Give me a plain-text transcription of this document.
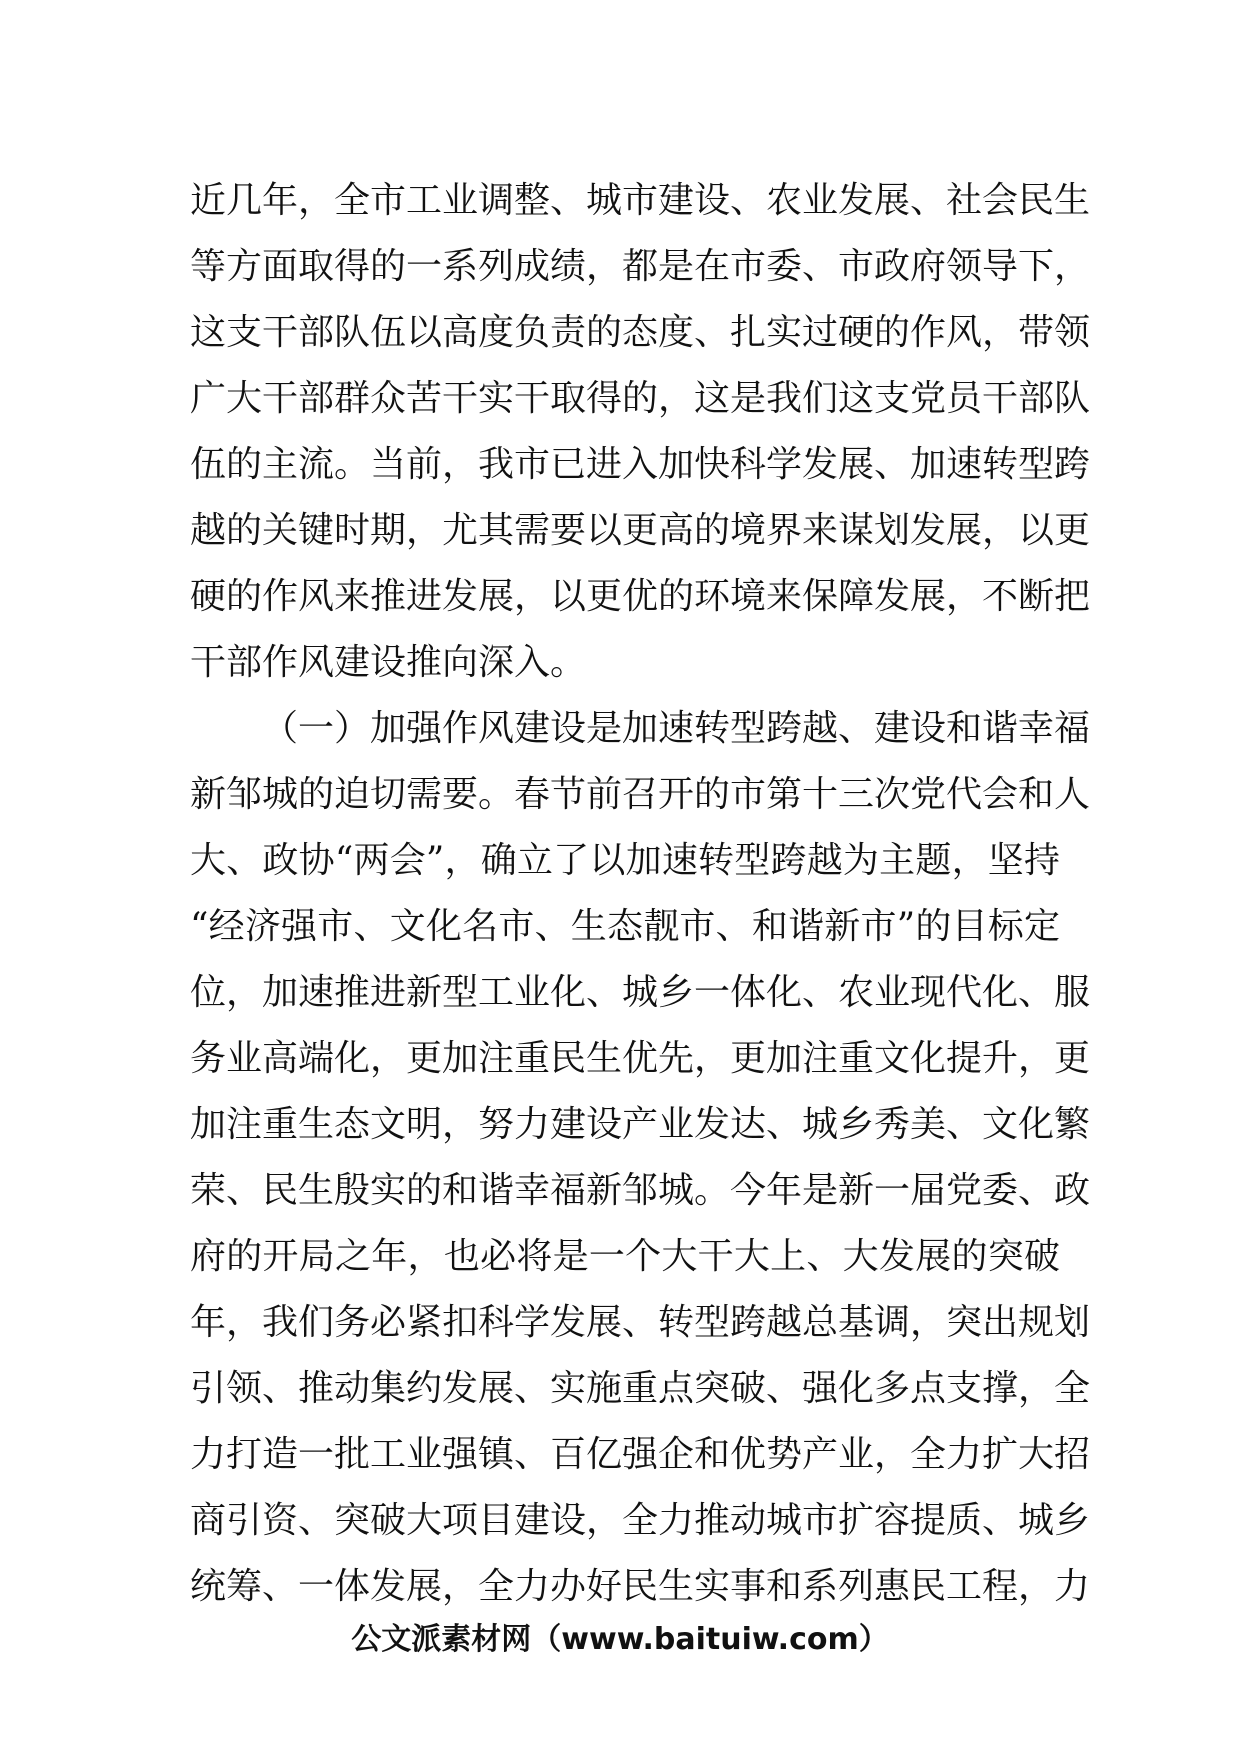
近几年，全市工业调整、城市建设、农业发展、社会民生
等方面取得的一系列成绩，都是在市委、市政府领导下，
这支干部队伍以高度负责的态度、扎实过硬的作风，带领
广大干部群众苦干实干取得的，这是我们这支党员干部队
伍的主流。当前，我市已进入加快科学发展、加速转型跨
越的关键时期，尤其需要以更高的境界来谋划发展，以更
硬的作风来推进发展，以更优的环境来保障发展，不断把
干部作风建设推向深入。
（一）加强作风建设是加速转型跨越、建设和谐幸福
新邹城的迫切需要。春节前召开的市第十三次党代会和人
大、政协“两会”，确立了以加速转型跨越为主题，坚持
“经济强市、文化名市、生态靓市、和谐新市”的目标定
位，加速推进新型工业化、城乡一体化、农业现代化、服
务业高端化，更加注重民生优先，更加注重文化提升，更
加注重生态文明，努力建设产业发达、城乡秀美、文化繁
荣、民生殷实的和谐幸福新邹城。今年是新一届党委、政
府的开局之年，也必将是一个大干大上、大发展的突破
年，我们务必紧扣科学发展、转型跨越总基调，突出规划
引领、推动集约发展、实施重点突破、强化多点支撑，全
力打造一批工业强镇、百亿强企和优势产业，全力扩大招
商引资、突破大项目建设，全力推动城市扩容提质、城乡
统筹、一体发展，全力办好民生实事和系列惠民工程，力
公文派素材网（www.baituiw.com）
